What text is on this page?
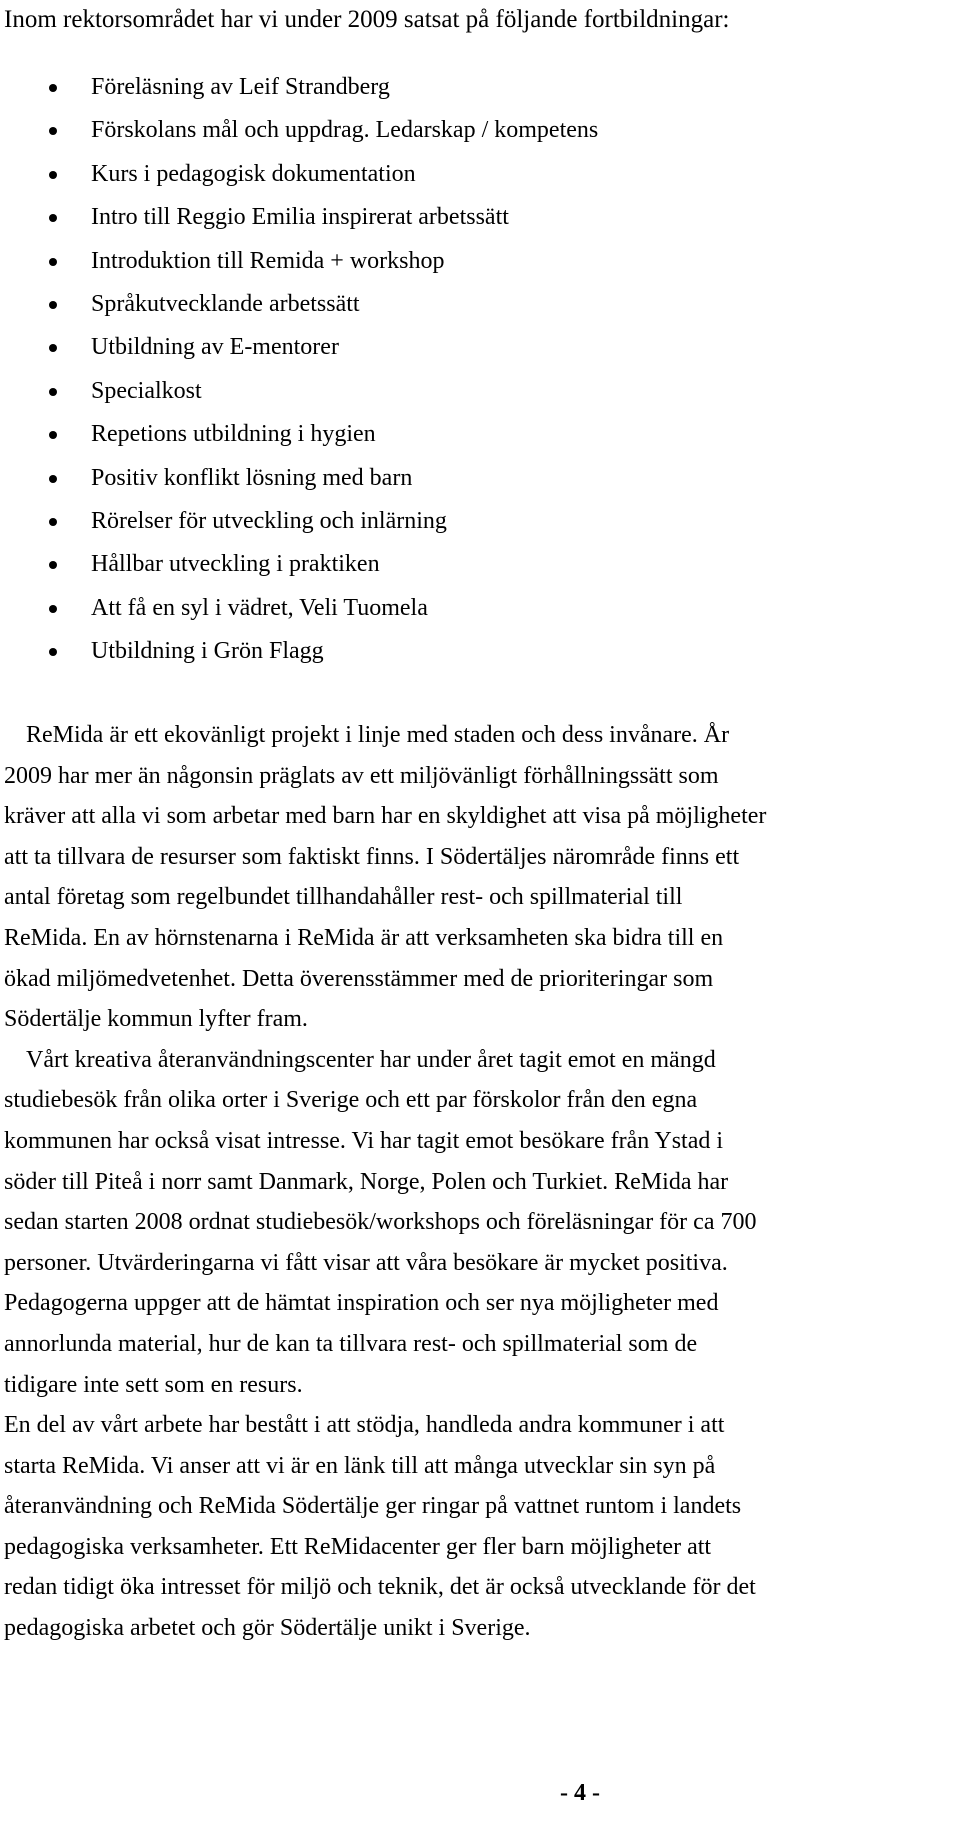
Inom rektorsområdet har vi under 2009 satsat på följande fortbildningar:

Föreläsning av Leif Strandberg
Förskolans mål och uppdrag. Ledarskap / kompetens
Kurs i pedagogisk dokumentation
Intro till Reggio Emilia inspirerat arbetssätt
Introduktion till Remida + workshop
Språkutvecklande arbetssätt
Utbildning av E-mentorer
Specialkost
Repetions utbildning i hygien
Positiv konflikt lösning med barn
Rörelser för utveckling och inlärning
Hållbar utveckling i praktiken
Att få en syl i vädret, Veli Tuomela
Utbildning i Grön Flagg

ReMida är ett ekovänligt projekt i linje med staden och dess invånare. År
2009 har mer än någonsin präglats av ett miljövänligt förhållningssätt som
kräver att alla vi som arbetar med barn har en skyldighet att visa på möjligheter
att ta tillvara de resurser som faktiskt finns. I Södertäljes närområde finns ett
antal företag som regelbundet tillhandahåller rest- och spillmaterial till
ReMida. En av hörnstenarna i ReMida är att verksamheten ska bidra till en
ökad miljömedvetenhet. Detta överensstämmer med de prioriteringar som
Södertälje kommun lyfter fram.

Vårt kreativa återanvändningscenter har under året tagit emot en mängd
studiebesök från olika orter i Sverige och ett par förskolor från den egna
kommunen har också visat intresse. Vi har tagit emot besökare från Ystad i
söder till Piteå i norr samt Danmark, Norge, Polen och Turkiet. ReMida har
sedan starten 2008 ordnat studiebesök/workshops och föreläsningar för ca 700
personer. Utvärderingarna vi fått visar att våra besökare är mycket positiva.
Pedagogerna uppger att de hämtat inspiration och ser nya möjligheter med
annorlunda material, hur de kan ta tillvara rest- och spillmaterial som de
tidigare inte sett som en resurs.

En del av vårt arbete har bestått i att stödja, handleda andra kommuner i att
starta ReMida. Vi anser att vi är en länk till att många utvecklar sin syn på
återanvändning och ReMida Södertälje ger ringar på vattnet runtom i landets
pedagogiska verksamheter. Ett ReMidacenter ger fler barn möjligheter att
redan tidigt öka intresset för miljö och teknik, det är också utvecklande för det
pedagogiska arbetet och gör Södertälje unikt i Sverige.

- 4 -
